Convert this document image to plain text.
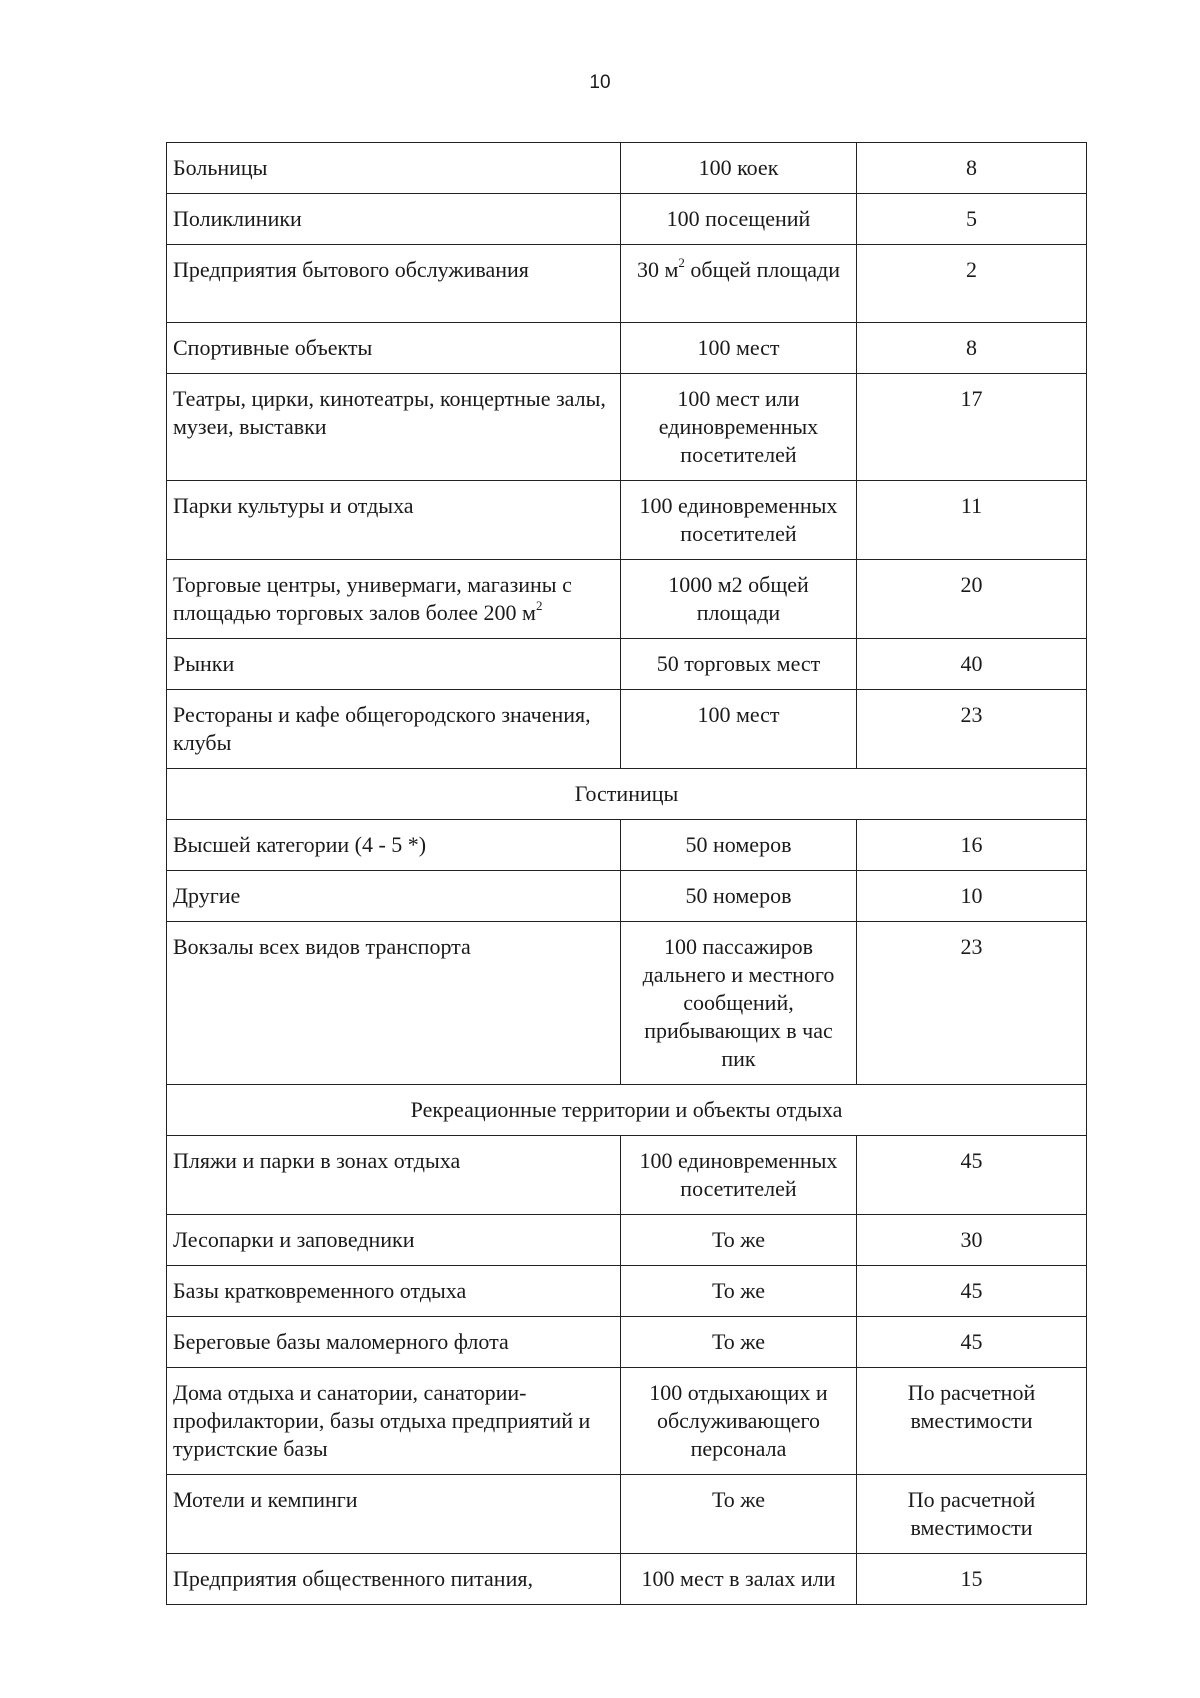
10
Больницы	100 коек	8
Поликлиники	100 посещений	5
Предприятия бытового обслуживания	30 $м^2$ общей площади	2
Спортивные объекты	100 мест	8
Театры, цирки, кинотеатры, концертные залы, музеи, выставки	100 мест или единовременных посетителей	17
Парки культуры и отдыха	100 единовременных посетителей	11
Торговые центры, универмаги, магазины с площадью торговых залов более 200 $м^2$	1000 м2 общей площади	20
Рынки	50 торговых мест	40
Рестораны и кафе общегородского значения, клубы	100 мест	23
Гостиницы		
Высшей категории (4 - 5 *)	50 номеров	16
Другие	50 номеров	10
Вокзалы всех видов транспорта	100 пассажиров дальнего и местного сообщений, прибывающих в час пик	23
Рекреационные территории и объекты отдыха		
Пляжи и парки в зонах отдыха	100 единовременных посетителей	45
Лесопарки и заповедники	То же	30
Базы кратковременного отдыха	То же	45
Береговые базы маломерного флота	То же	45
Дома отдыха и санатории, санатории-профилактории, базы отдыха предприятий и туристские базы	100 отдыхающих и обслуживающего персонала	По расчетной вместимости
Мотели и кемпинги	То же	По расчетной вместимости
Предприятия общественного питания,	100 мест в залах или	15
